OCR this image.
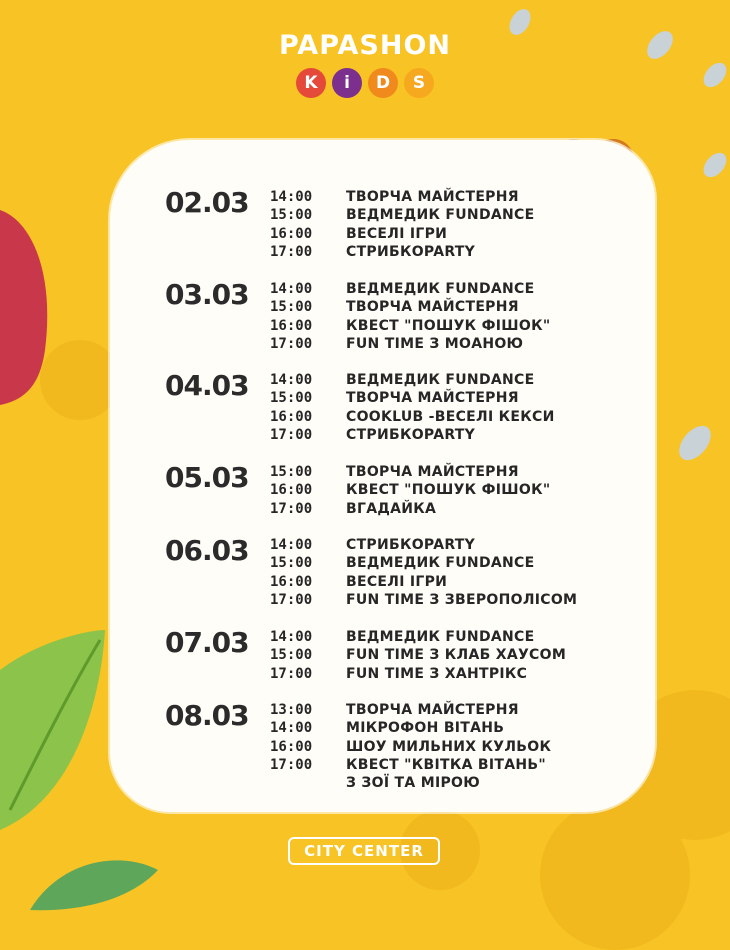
PAPASHON
K	i	D	S
02.03	14:00	ТВОРЧА МАЙСТЕРНЯ
15:00	ВЕДМЕДИК FUNDANCE
16:00	ВЕСЕЛІ ІГРИ
17:00	СТРИБКОPARTY
03.03	14:00	ВЕДМЕДИК FUNDANCE
15:00	ТВОРЧА МАЙСТЕРНЯ
16:00	КВЕСТ "ПОШУК ФІШОК"
17:00	FUN TIME З МОАНОЮ
04.03	14:00	ВЕДМЕДИК FUNDANCE
15:00	ТВОРЧА МАЙСТЕРНЯ
16:00	COOKLUB -ВЕСЕЛІ КЕКСИ
17:00	СТРИБКОPARTY
05.03	15:00	ТВОРЧА МАЙСТЕРНЯ
16:00	КВЕСТ "ПОШУК ФІШОК"
17:00	ВГАДАЙКА
06.03	14:00	СТРИБКОPARTY
15:00	ВЕДМЕДИК FUNDANCE
16:00	ВЕСЕЛІ ІГРИ
17:00	FUN TIME З ЗВЕРОПОЛІСОМ
07.03	14:00	ВЕДМЕДИК FUNDANCE
15:00	FUN TIME З КЛАБ ХАУСОМ
17:00	FUN TIME З ХАНТРІКС
08.03	13:00	ТВОРЧА МАЙСТЕРНЯ
14:00	МІКРОФОН ВІТАНЬ
16:00	ШОУ МИЛЬНИХ КУЛЬОК
17:00	КВЕСТ "КВІТКА ВІТАНЬ"
З ЗОЇ ТА МІРОЮ
CITY CENTER
